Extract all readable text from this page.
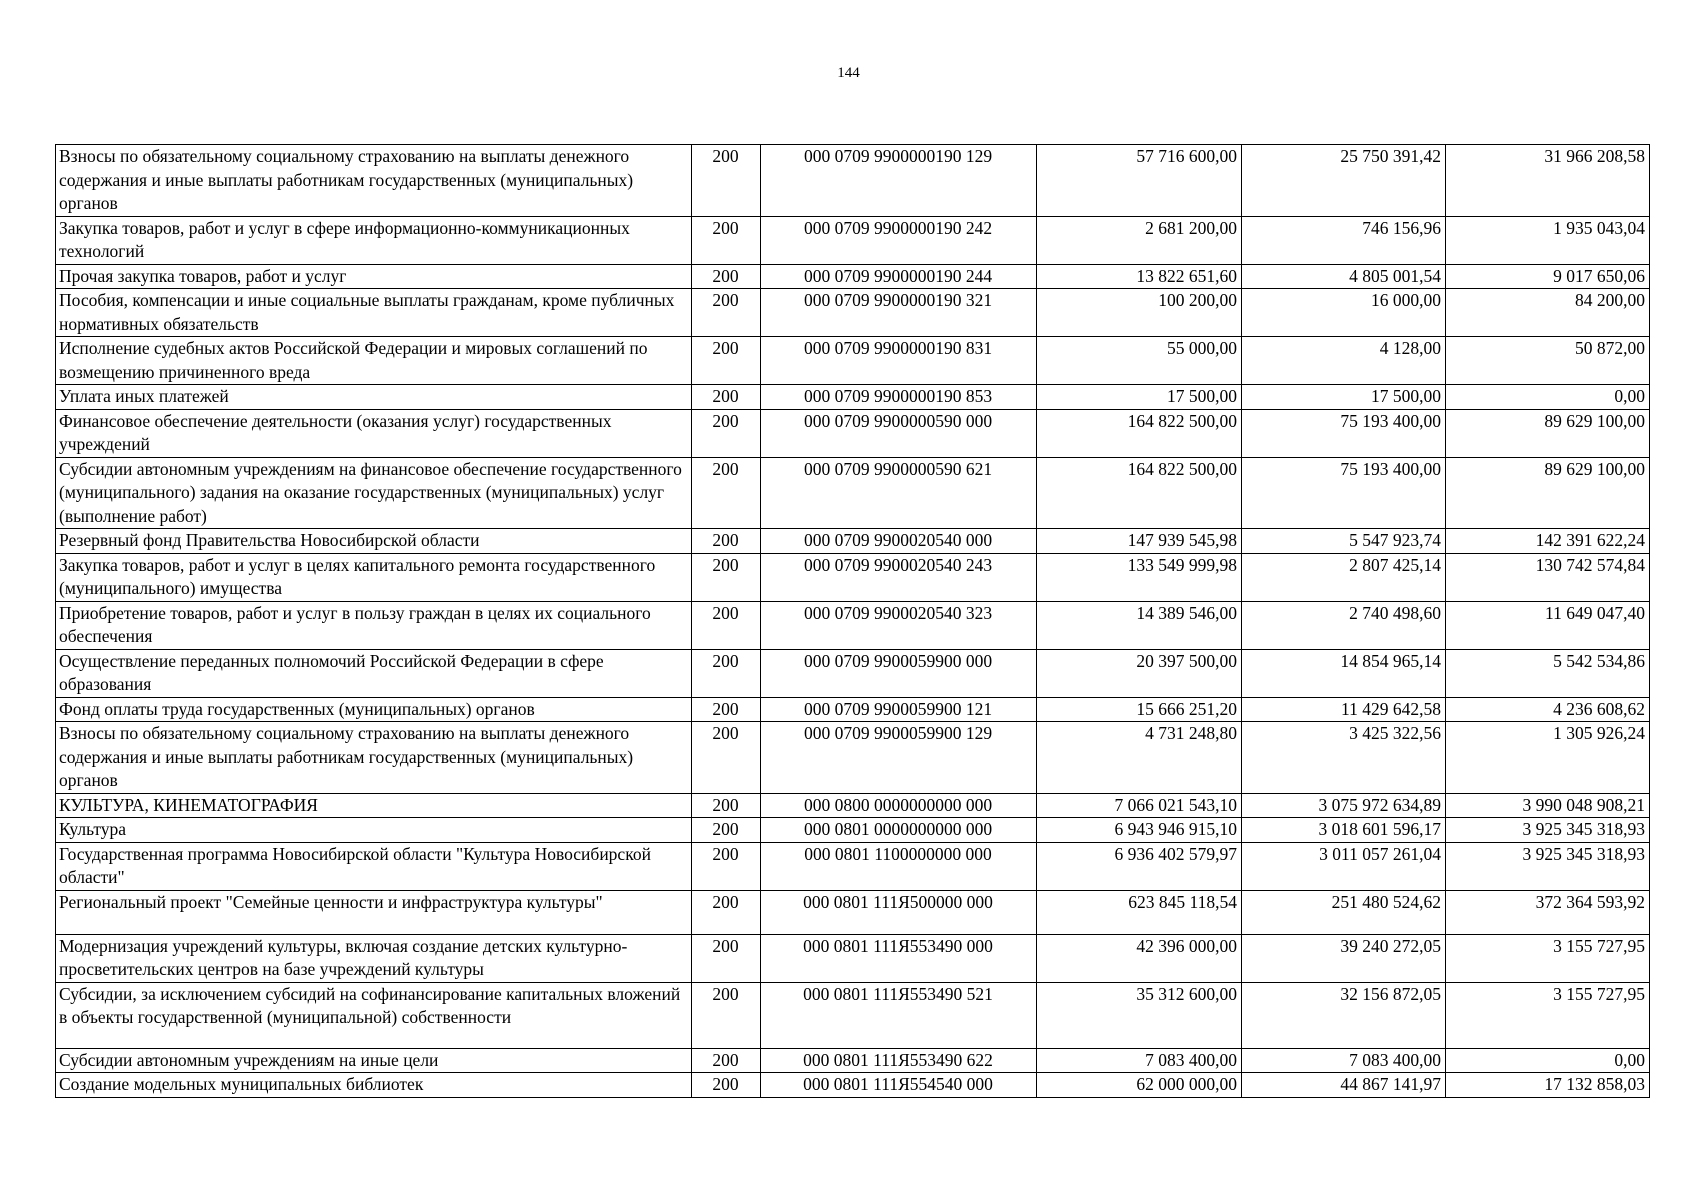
144
Взносы по обязательному социальному страхованию на выплаты денежного содержания и иные выплаты работникам государственных (муниципальных) органов	200	000 0709 9900000190 129	57 716 600,00	25 750 391,42	31 966 208,58
Закупка товаров, работ и услуг в сфере информационно-коммуникационных технологий	200	000 0709 9900000190 242	2 681 200,00	746 156,96	1 935 043,04
Прочая закупка товаров, работ и услуг	200	000 0709 9900000190 244	13 822 651,60	4 805 001,54	9 017 650,06
Пособия, компенсации и иные социальные выплаты гражданам, кроме публичных нормативных обязательств	200	000 0709 9900000190 321	100 200,00	16 000,00	84 200,00
Исполнение судебных актов Российской Федерации и мировых соглашений по возмещению причиненного вреда	200	000 0709 9900000190 831	55 000,00	4 128,00	50 872,00
Уплата иных платежей	200	000 0709 9900000190 853	17 500,00	17 500,00	0,00
Финансовое обеспечение деятельности (оказания услуг) государственных учреждений	200	000 0709 9900000590 000	164 822 500,00	75 193 400,00	89 629 100,00
Субсидии автономным учреждениям на финансовое обеспечение государственного (муниципального) задания на оказание государственных (муниципальных) услуг (выполнение работ)	200	000 0709 9900000590 621	164 822 500,00	75 193 400,00	89 629 100,00
Резервный фонд Правительства Новосибирской области	200	000 0709 9900020540 000	147 939 545,98	5 547 923,74	142 391 622,24
Закупка товаров, работ и услуг в целях капитального ремонта государственного (муниципального) имущества	200	000 0709 9900020540 243	133 549 999,98	2 807 425,14	130 742 574,84
Приобретение товаров, работ и услуг в пользу граждан в целях их социального обеспечения	200	000 0709 9900020540 323	14 389 546,00	2 740 498,60	11 649 047,40
Осуществление переданных полномочий Российской Федерации в сфере образования	200	000 0709 9900059900 000	20 397 500,00	14 854 965,14	5 542 534,86
Фонд оплаты труда государственных (муниципальных) органов	200	000 0709 9900059900 121	15 666 251,20	11 429 642,58	4 236 608,62
Взносы по обязательному социальному страхованию на выплаты денежного содержания и иные выплаты работникам государственных (муниципальных) органов	200	000 0709 9900059900 129	4 731 248,80	3 425 322,56	1 305 926,24
КУЛЬТУРА, КИНЕМАТОГРАФИЯ	200	000 0800 0000000000 000	7 066 021 543,10	3 075 972 634,89	3 990 048 908,21
Культура	200	000 0801 0000000000 000	6 943 946 915,10	3 018 601 596,17	3 925 345 318,93
Государственная программа Новосибирской области "Культура Новосибирской области"	200	000 0801 1100000000 000	6 936 402 579,97	3 011 057 261,04	3 925 345 318,93
Региональный проект "Семейные ценности и инфраструктура культуры"	200	000 0801 111Я500000 000	623 845 118,54	251 480 524,62	372 364 593,92
Модернизация учреждений культуры, включая создание детских культурно-просветительских центров на базе учреждений культуры	200	000 0801 111Я553490 000	42 396 000,00	39 240 272,05	3 155 727,95
Субсидии, за исключением субсидий на софинансирование капитальных вложений в объекты государственной (муниципальной) собственности	200	000 0801 111Я553490 521	35 312 600,00	32 156 872,05	3 155 727,95
Субсидии автономным учреждениям на иные цели	200	000 0801 111Я553490 622	7 083 400,00	7 083 400,00	0,00
Создание модельных муниципальных библиотек	200	000 0801 111Я554540 000	62 000 000,00	44 867 141,97	17 132 858,03
